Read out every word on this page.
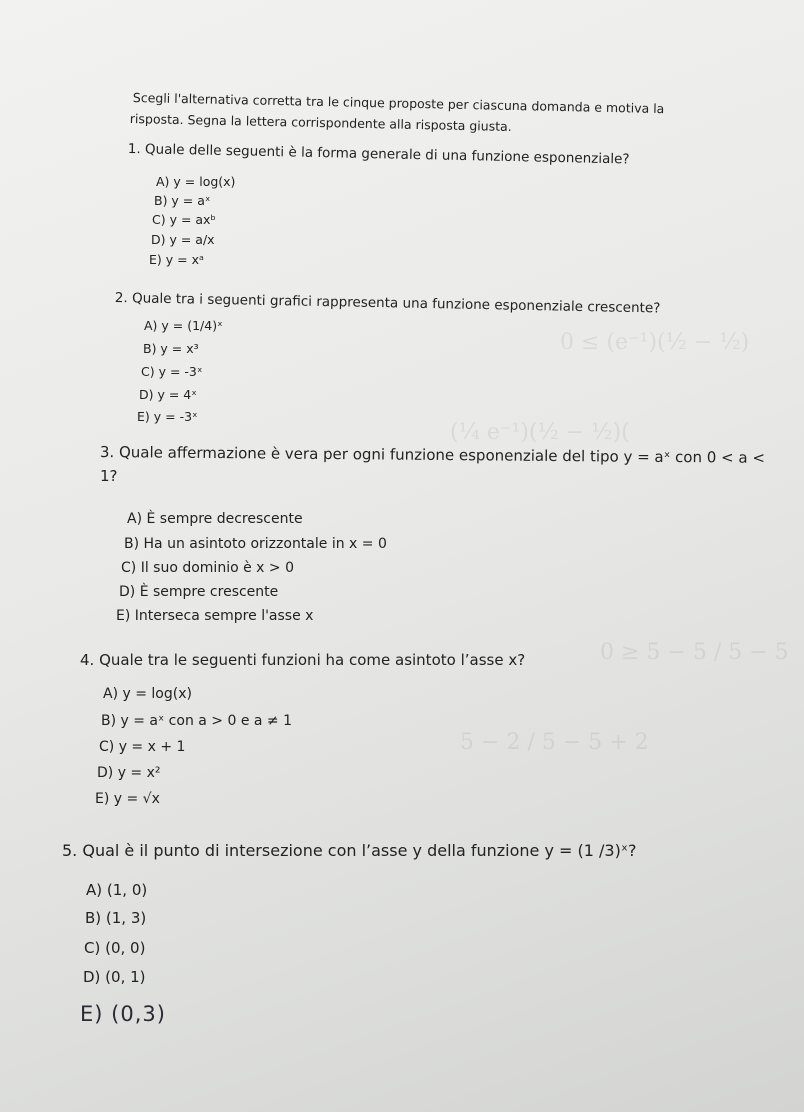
0 ≤ (e⁻¹)(½ − ½)
(¼ e⁻¹)(½ − ½)(
0 ≥ 5 − 5 / 5 − 5
5 − 2 / 5 − 5 + 2
Scegli l'alternativa corretta tra le cinque proposte per ciascuna domanda e motiva la
risposta. Segna la lettera corrispondente alla risposta giusta.
1. Quale delle seguenti è la forma generale di una funzione esponenziale?
A) y = log(x)
B) y = aˣ
C) y = axᵇ
D) y = a/x
E) y = xᵃ
2. Quale tra i seguenti grafici rappresenta una funzione esponenziale crescente?
A) y = (1/4)ˣ
B) y = x³
C) y = -3ˣ
D) y = 4ˣ
E) y = -3ˣ
3. Quale affermazione è vera per ogni funzione esponenziale del tipo y = aˣ con 0 < a <
1?
A) È sempre decrescente
B) Ha un asintoto orizzontale in x = 0
C) Il suo dominio è x > 0
D) È sempre crescente
E) Interseca sempre l'asse x
4. Quale tra le seguenti funzioni ha come asintoto l’asse x?
A) y = log(x)
B) y = aˣ con a > 0 e a ≠ 1
C) y = x + 1
D) y = x²
E) y = √x
5. Qual è il punto di intersezione con l’asse y della funzione y = (1 /3)ˣ?
A) (1, 0)
B) (1, 3)
C) (0, 0)
D) (0, 1)
E) (0,3)
